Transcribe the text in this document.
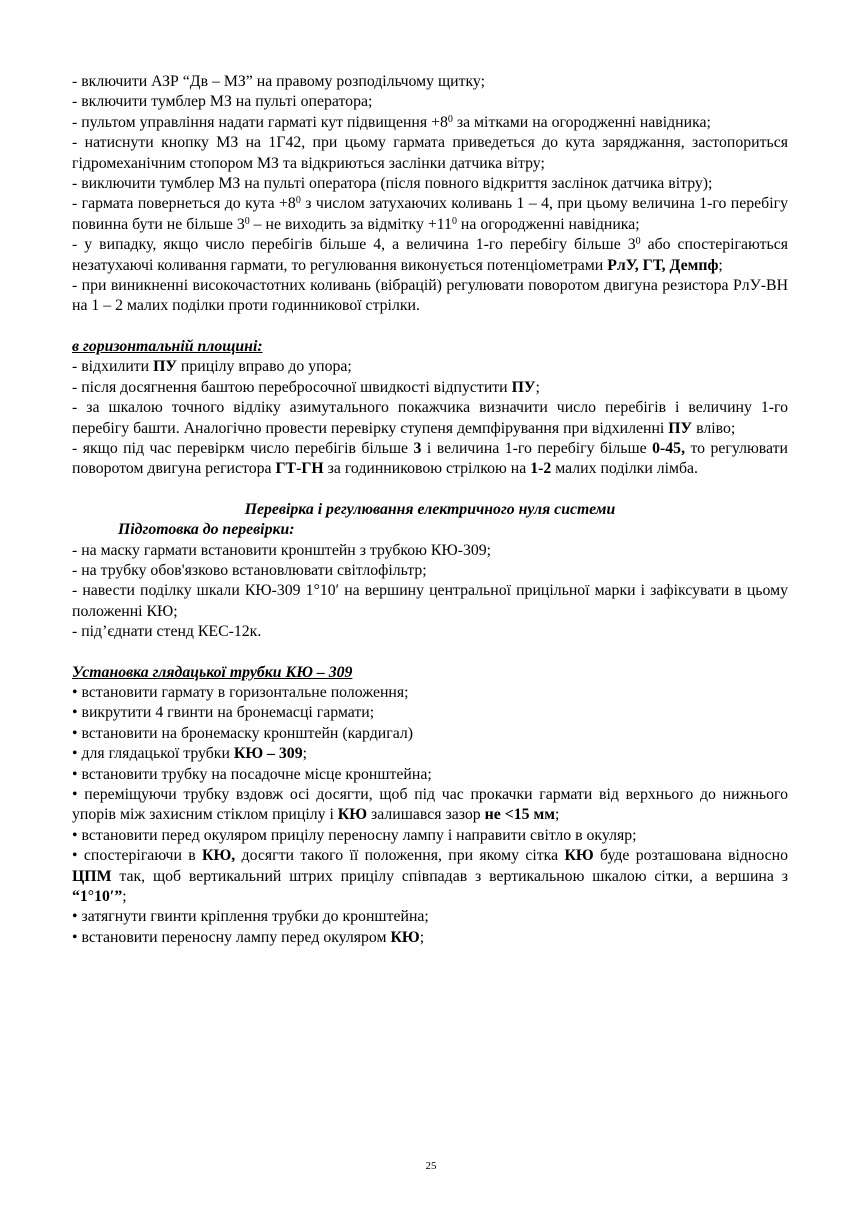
- включити АЗР “Дв – МЗ” на правому розподільчому щитку;

- включити тумблер МЗ на пульті оператора;

- пультом управління надати гарматі кут підвищення $+8^0$ за мітками на огородженні навідника;

- натиснути кнопку МЗ на 1Г42, при цьому гармата приведеться до кута заряджання, застопориться гідромеханічним стопором МЗ та відкриються заслінки датчика вітру;

- виключити тумблер МЗ на пульті оператора (після повного відкриття заслінок датчика вітру);

- гармата повернеться до кута $+8^0$ з числом затухаючих коливань 1 – 4, при цьому величина 1-го перебігу повинна бути не більше $3^0$ – не виходить за відмітку $+11^0$ на огородженні навідника;

- у випадку, якщо число перебігів більше 4, а величина 1-го перебігу більше $3^0$ або спостерігаються незатухаючі коливання гармати, то регулювання виконується потенціометрами РлУ, ГТ, Демпф;

- при виникненні високочастотних коливань (вібрацій) регулювати поворотом двигуна резистора РлУ-ВН на 1 – 2 малих поділки проти годинникової стрілки.

в горизонтальній площині:

- відхилити ПУ прицілу вправо до упора;

- після досягнення баштою перебросочної швидкості відпустити ПУ;

- за шкалою точного відліку азимутального покажчика визначити число перебігів і величину 1-го перебігу башти. Аналогічно провести перевірку ступеня демпфірування при відхиленні ПУ вліво;

- якщо під час перевіркм число перебігів більше 3 і величина 1-го перебігу більше 0-45, то регулювати поворотом двигуна регистора ГТ-ГН за годинниковою стрілкою на 1-2 малих поділки лімба.

Перевірка і регулювання електричного нуля системи

Підготовка до перевірки:

- на маску гармати встановити кронштейн з трубкою КЮ-309;

- на трубку обов'язково встановлювати світлофільтр;

- навести поділку шкали КЮ-309 1°10′ на вершину центральної прицільної марки і зафіксувати в цьому положенні КЮ;

- під’єднати стенд КЕС-12к.

Установка глядацької трубки КЮ – 309

• встановити гармату в горизонтальне положення;

• викрутити 4 гвинти на бронемасці гармати;

• встановити на бронемаску кронштейн (кардигал)

• для глядацької трубки КЮ – 309;

• встановити трубку на посадочне місце кронштейна;

• переміщуючи трубку вздовж осі досягти, щоб під час прокачки гармати від верхнього до нижнього упорів між захисним стіклом прицілу і КЮ залишався зазор не <15 мм;

• встановити перед окуляром прицілу переносну лампу і направити світло в окуляр;

• спостерігаючи в КЮ, досягти такого її положення, при якому сітка КЮ буде розташована відносно ЦПМ так, щоб вертикальний штрих прицілу співпадав з вертикальною шкалою сітки, а вершина з “1°10′”;

• затягнути гвинти кріплення трубки до кронштейна;

• встановити переносну лампу перед окуляром КЮ;

25
